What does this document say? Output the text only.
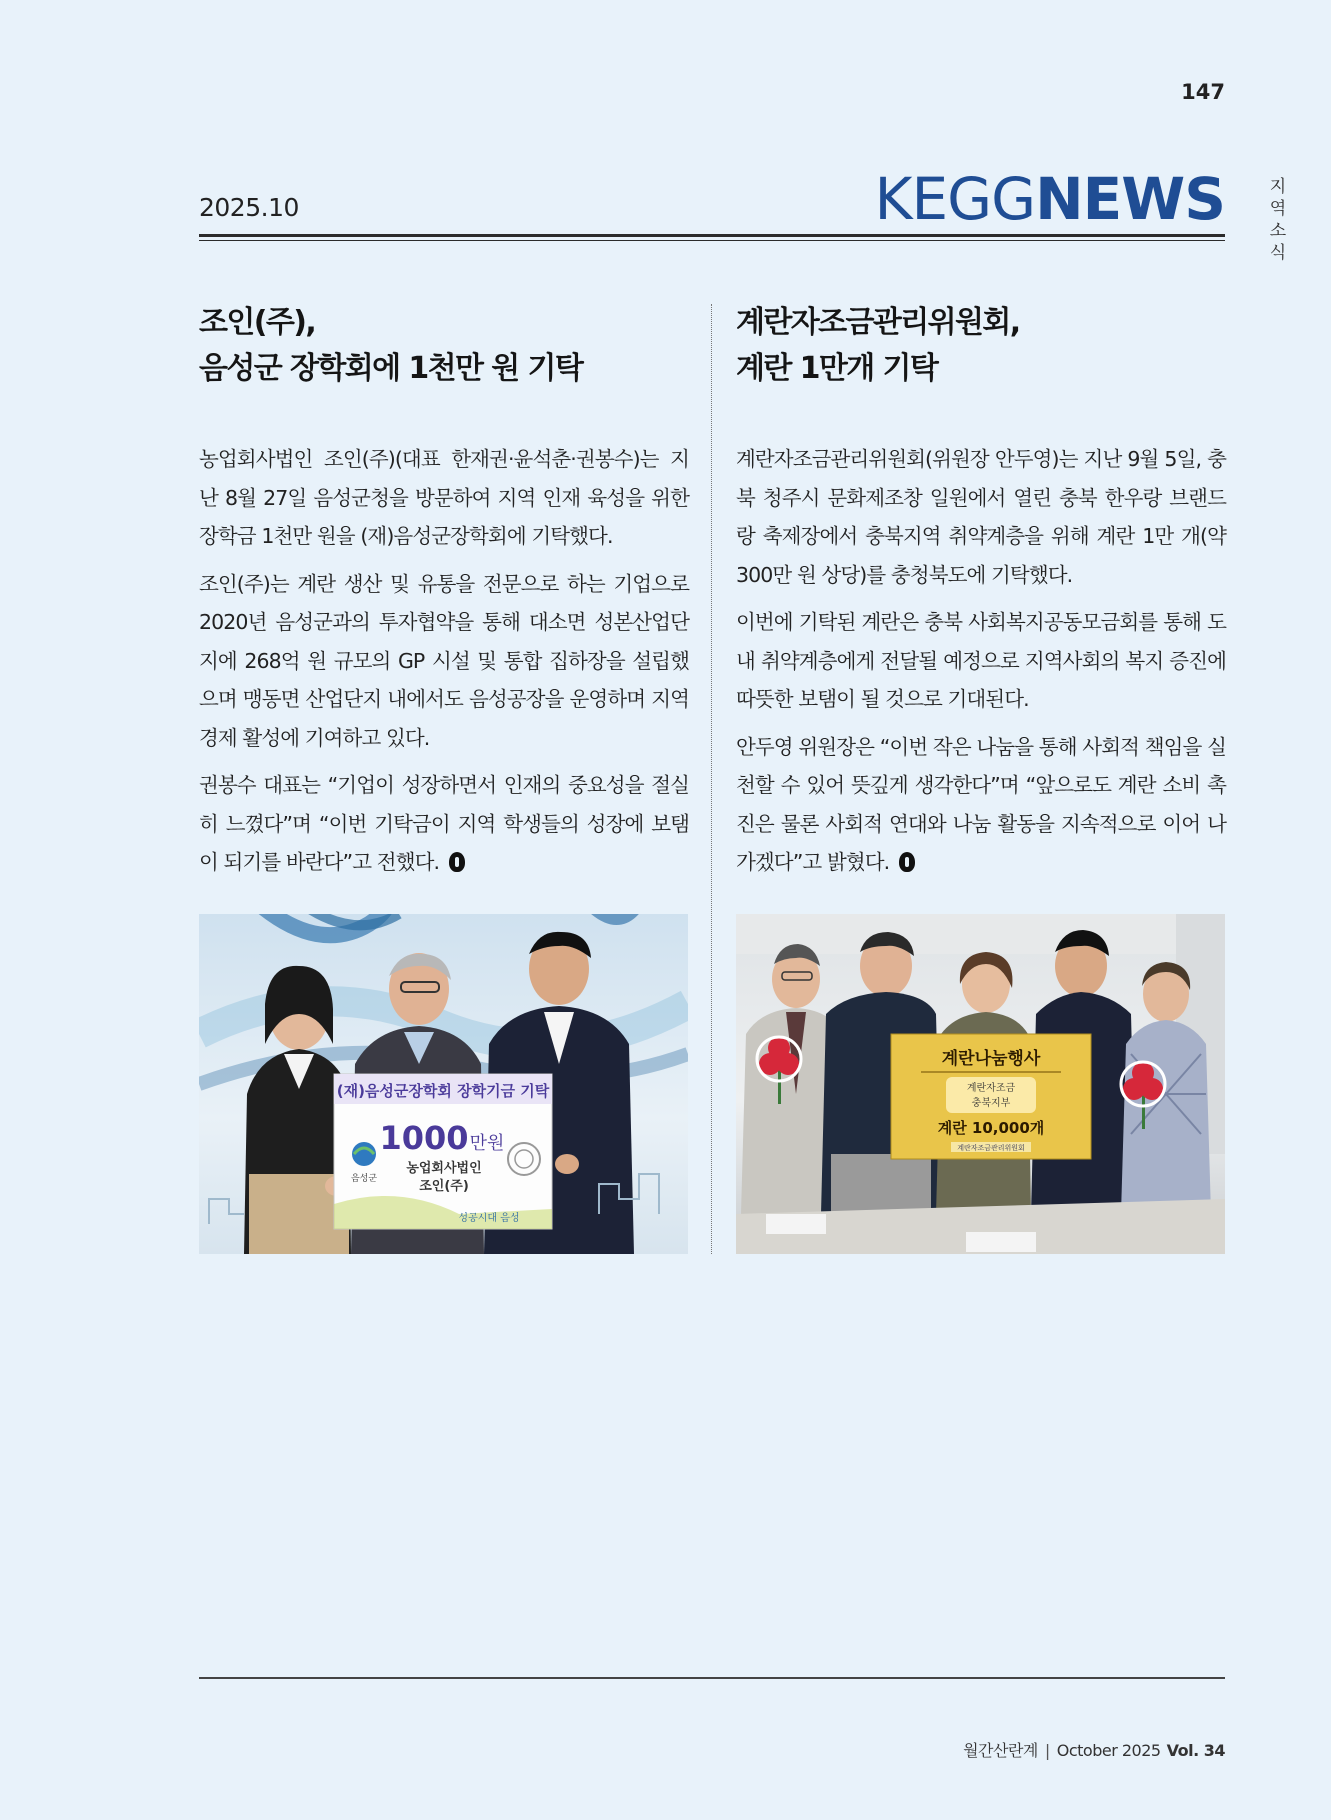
147
지역 소식
2025.10	KEGGNEWS
조인(주),
음성군 장학회에 1천만 원 기탁

농업회사법인 조인(주)(대표 한재권·윤석춘·권봉수)는 지난 8월 27일 음성군청을 방문하여 지역 인재 육성을 위한 장학금 1천만 원을 (재)음성군장학회에 기탁했다.

조인(주)는 계란 생산 및 유통을 전문으로 하는 기업으로 2020년 음성군과의 투자협약을 통해 대소면 성본산업단지에 268억 원 규모의 GP 시설 및 통합 집하장을 설립했으며 맹동면 산업단지 내에서도 음성공장을 운영하며 지역 경제 활성에 기여하고 있다.

권봉수 대표는 “기업이 성장하면서 인재의 중요성을 절실히 느꼈다”며 “이번 기탁금이 지역 학생들의 성장에 보탬이 되기를 바란다”고 전했다.

계란자조금관리위원회,
계란 1만개 기탁

계란자조금관리위원회(위원장 안두영)는 지난 9월 5일, 충북 청주시 문화제조창 일원에서 열린 충북 한우랑 브랜드랑 축제장에서 충북지역 취약계층을 위해 계란 1만 개(약 300만 원 상당)를 충청북도에 기탁했다.

이번에 기탁된 계란은 충북 사회복지공동모금회를 통해 도내 취약계층에게 전달될 예정으로 지역사회의 복지 증진에 따뜻한 보탬이 될 것으로 기대된다.

안두영 위원장은 “이번 작은 나눔을 통해 사회적 책임을 실천할 수 있어 뜻깊게 생각한다”며 “앞으로도 계란 소비 촉진은 물론 사회적 연대와 나눔 활동을 지속적으로 이어 나가겠다”고 밝혔다.

(재)음성군장학회 장학기금 기탁
음성군
1000 만원
농업회사법인
조인(주)
성공시대 음성
계란나눔행사
계란자조금
충북지부
계란 10,000개
계란자조금관리위원회
월간산란계 | October 2025 Vol. 34
